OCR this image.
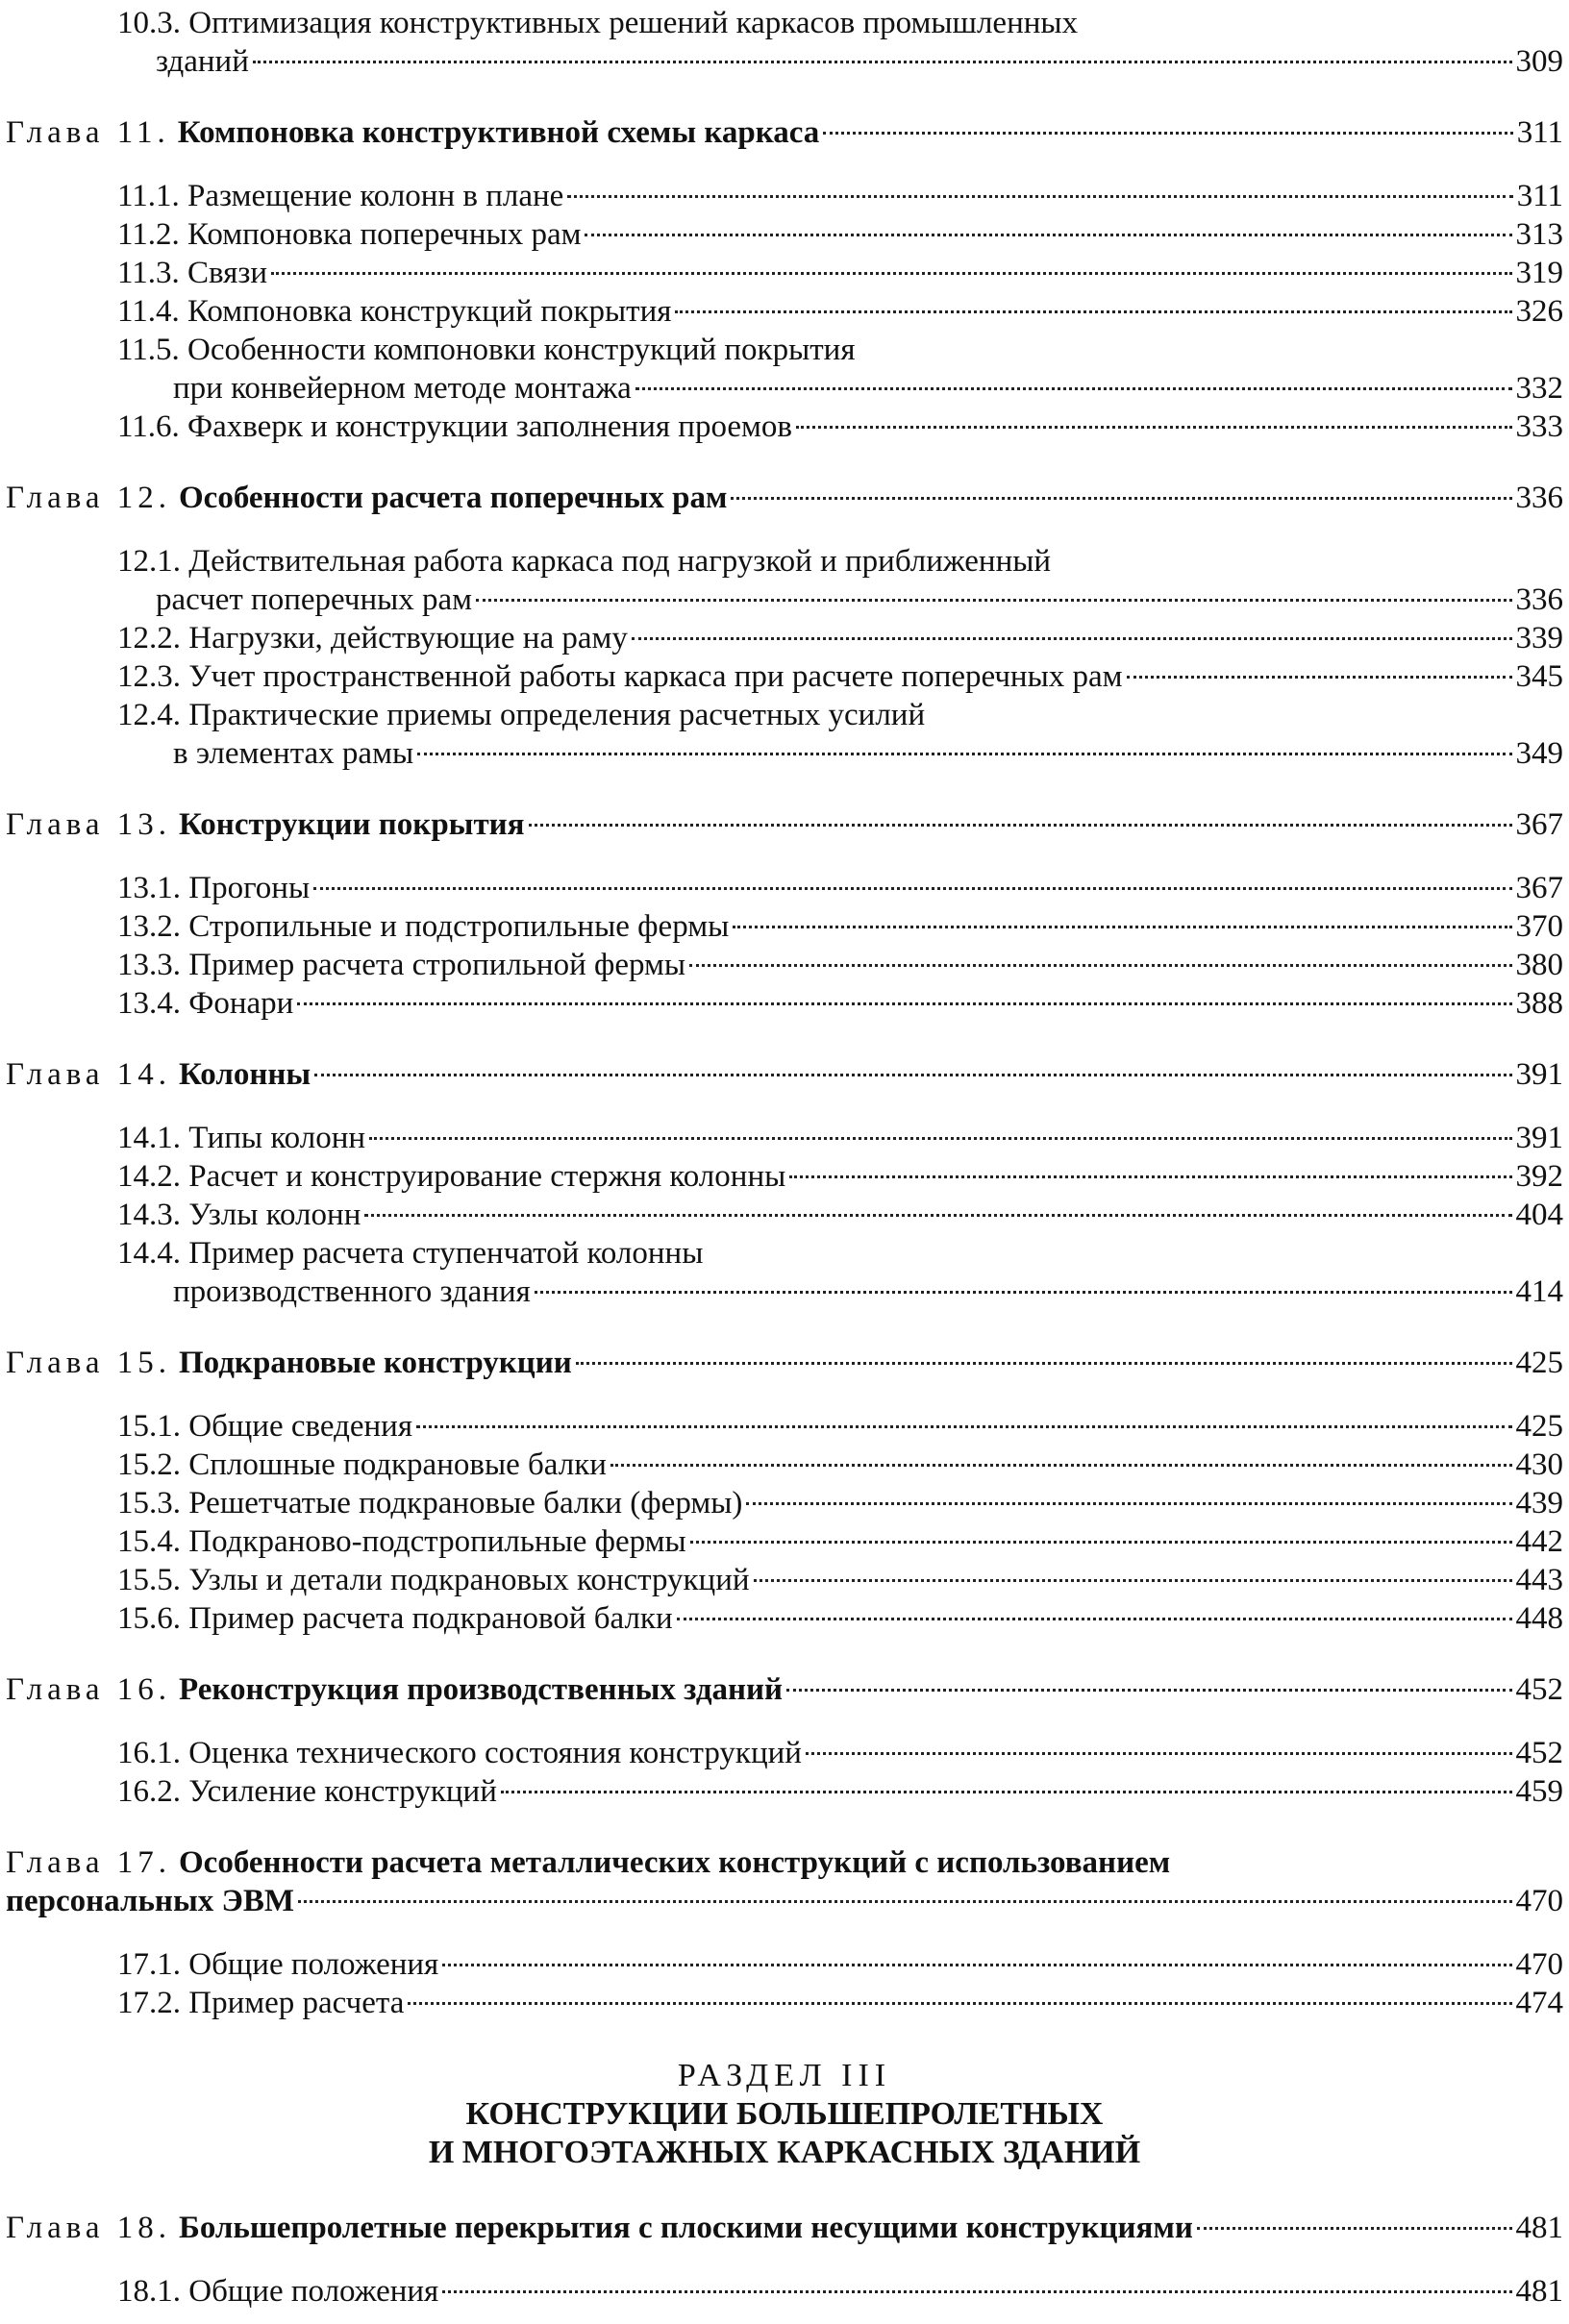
10.3. Оптимизация конструктивных решений каркасов промышленных
зданий	309
Глава 11. Компоновка конструктивной схемы каркаса	311
11.1. Размещение колонн в плане	311
11.2. Компоновка поперечных рам	313
11.3. Связи	319
11.4. Компоновка конструкций покрытия	326
11.5. Особенности компоновки конструкций покрытия
при конвейерном методе монтажа	332
11.6. Фахверк и конструкции заполнения проемов	333
Глава 12. Особенности расчета поперечных рам	336
12.1. Действительная работа каркаса под нагрузкой и приближенный
расчет поперечных рам	336
12.2. Нагрузки, действующие на раму	339
12.3. Учет пространственной работы каркаса при расчете поперечных рам	345
12.4. Практические приемы определения расчетных усилий
в элементах рамы	349
Глава 13. Конструкции покрытия	367
13.1. Прогоны	367
13.2. Стропильные и подстропильные фермы	370
13.3. Пример расчета стропильной фермы	380
13.4. Фонари	388
Глава 14. Колонны	391
14.1. Типы колонн	391
14.2. Расчет и конструирование стержня колонны	392
14.3. Узлы колонн	404
14.4. Пример расчета ступенчатой колонны
производственного здания	414
Глава 15. Подкрановые конструкции	425
15.1. Общие сведения	425
15.2. Сплошные подкрановые балки	430
15.3. Решетчатые подкрановые балки (фермы)	439
15.4. Подкраново-подстропильные фермы	442
15.5. Узлы и детали подкрановых конструкций	443
15.6. Пример расчета подкрановой балки	448
Глава 16. Реконструкция производственных зданий	452
16.1. Оценка технического состояния конструкций	452
16.2. Усиление конструкций	459
Глава 17. Особенности расчета металлических конструкций с использованием
персональных ЭВМ	470
17.1. Общие положения	470
17.2. Пример расчета	474
РАЗДЕЛ III
КОНСТРУКЦИИ БОЛЬШЕПРОЛЕТНЫХ
И МНОГОЭТАЖНЫХ КАРКАСНЫХ ЗДАНИЙ
Глава 18. Большепролетные перекрытия с плоскими несущими конструкциями	481
18.1. Общие положения	481
